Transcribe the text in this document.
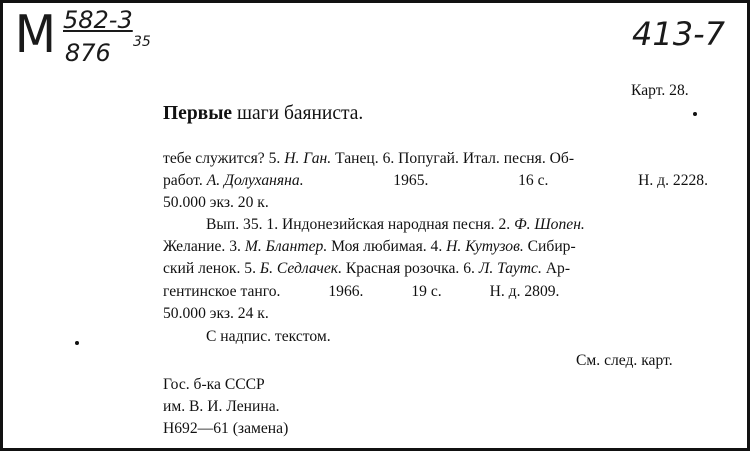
M 582-3
876 35	413-7
Карт. 28.
Первые шаги баяниста.
тебе служится? 5. Н. Ган. Танец. 6. Попугай. Итал. песня. Об-
работ. А. Долуханяна.	1965.	16 с.	Н. д. 2228.
50.000 экз. 20 к.
Вып. 35. 1. Индонезийская народная песня. 2. Ф. Шопен.
Желание. 3. М. Блантер. Моя любимая. 4. Н. Кутузов. Сибир-
ский ленок. 5. Б. Седлачек. Красная розочка. 6. Л. Таутс. Ар-
гентинское танго.	1966.	19 с.	Н. д. 2809.
50.000 экз. 24 к.
С надпис. текстом.
См. след. карт.
Гос. б-ка СССР
им. В. И. Ленина.
Н692—61 (замена)
